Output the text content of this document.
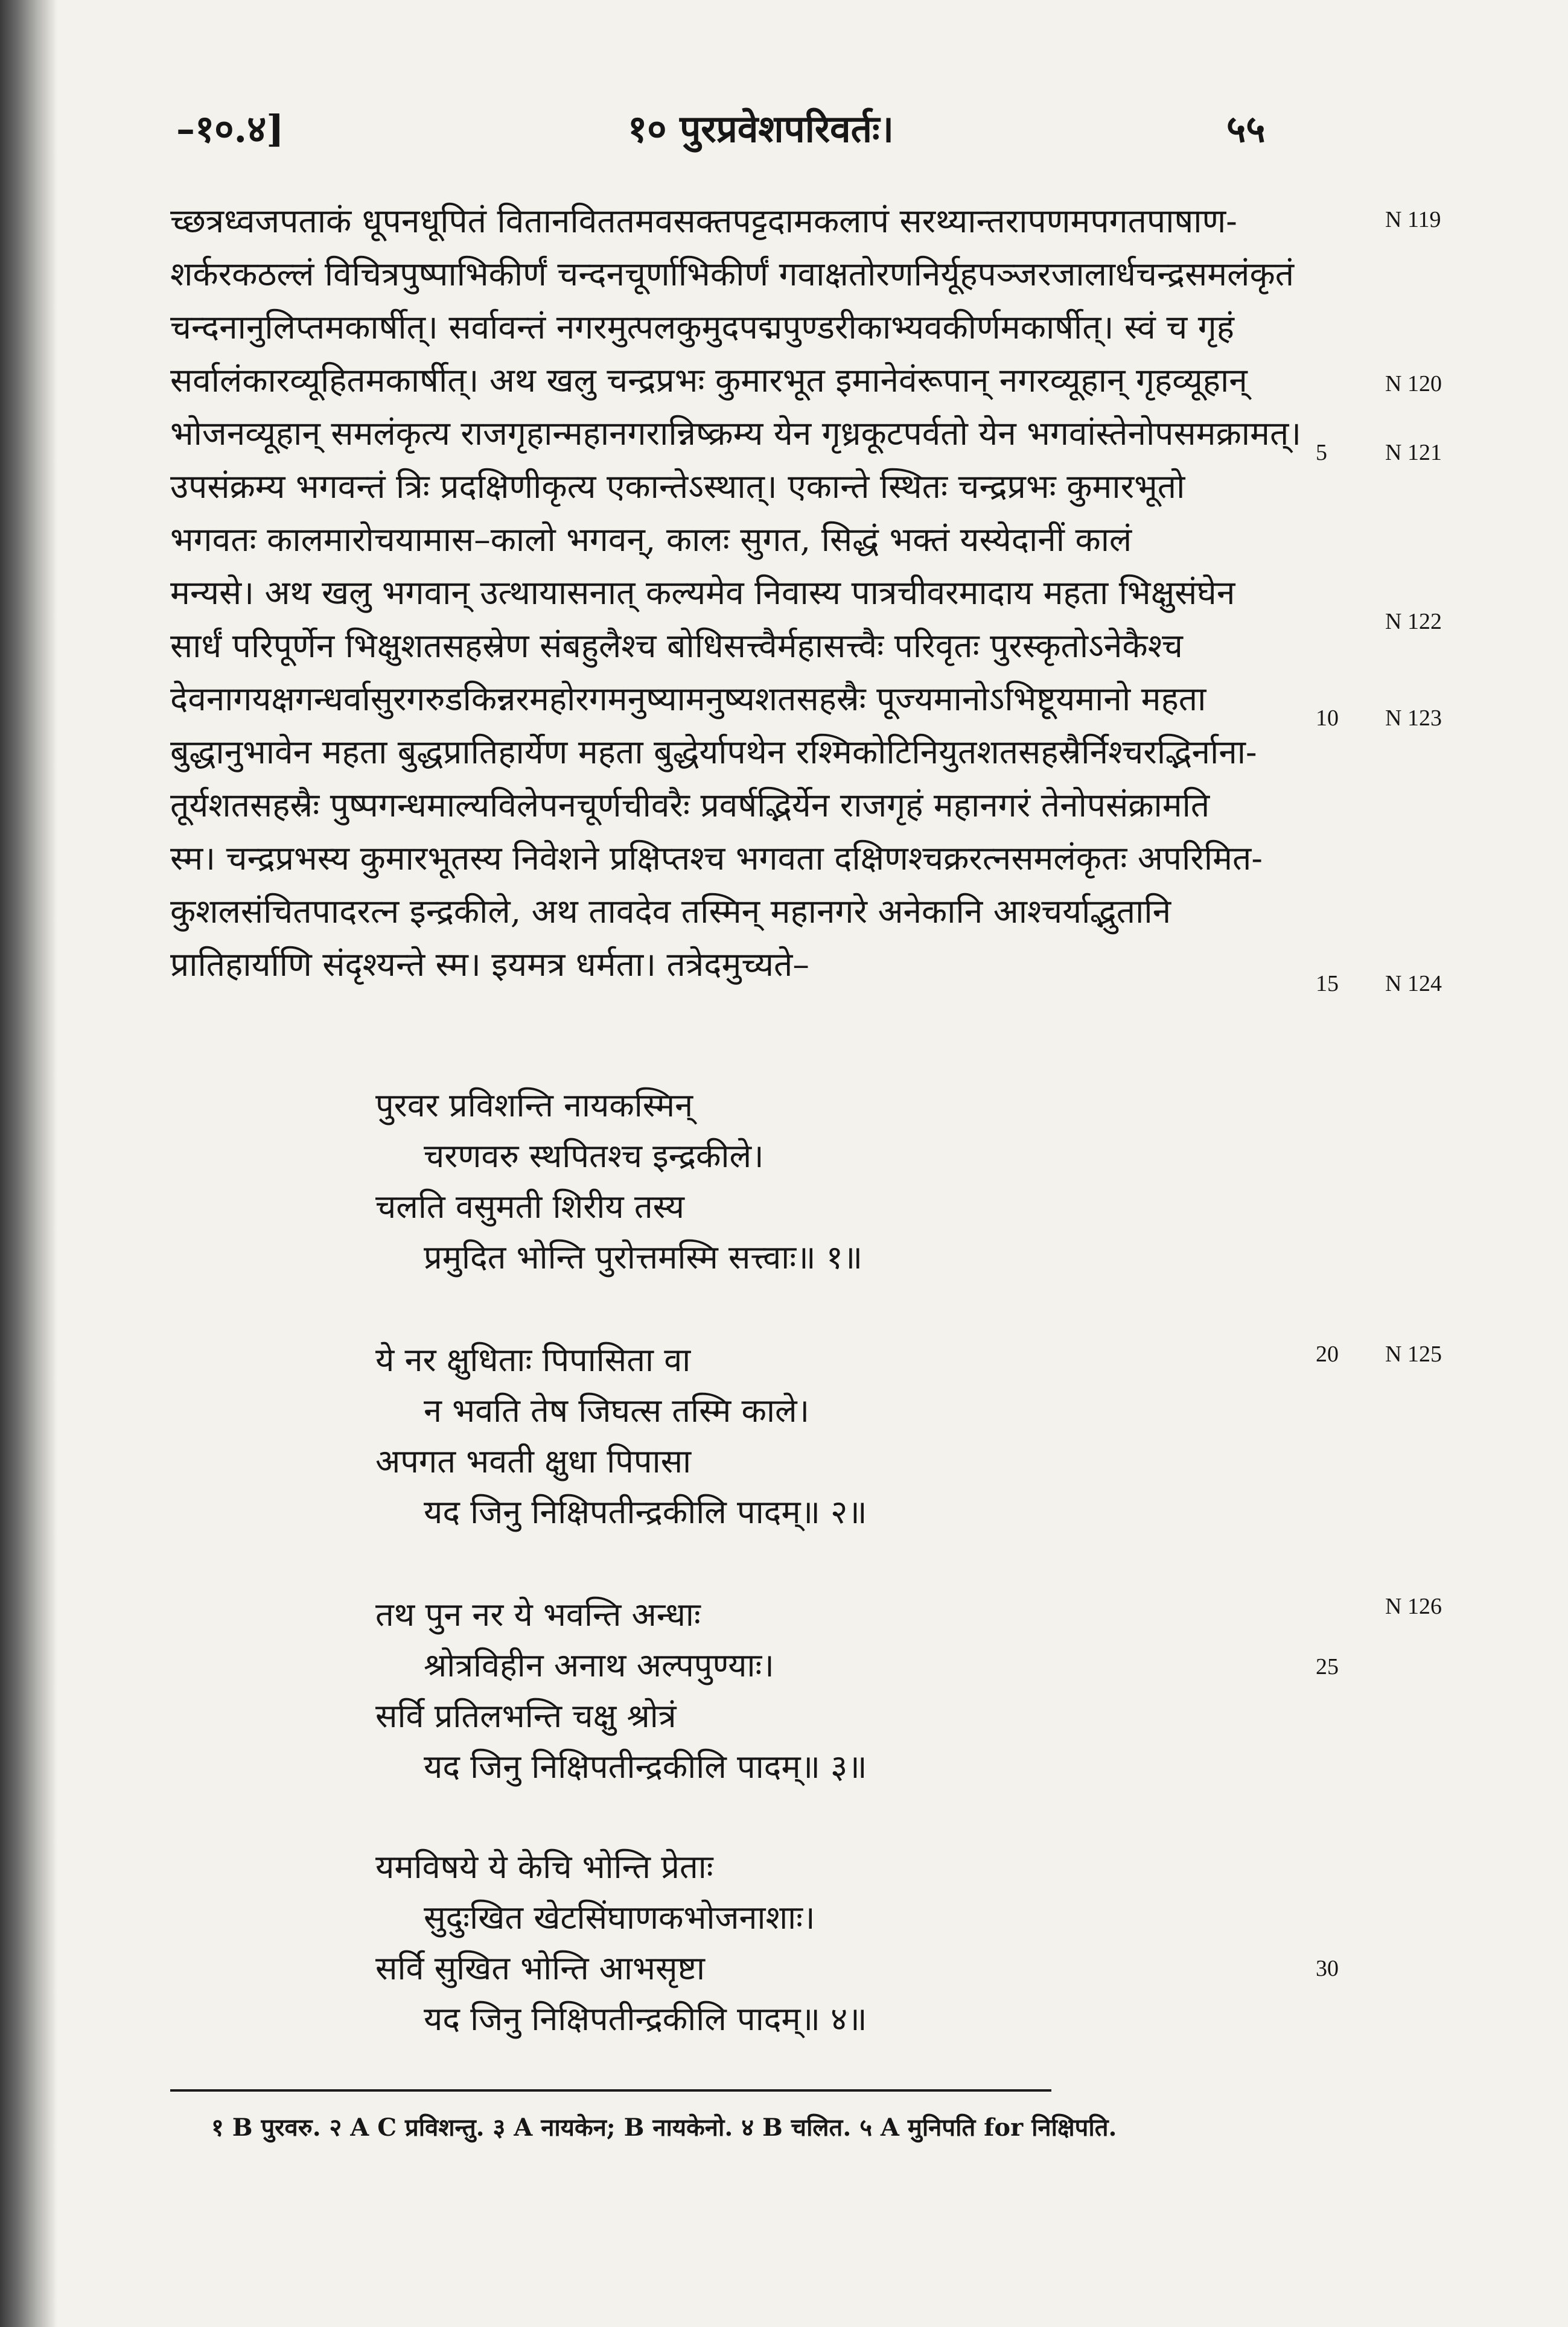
–१०.४]	१० पुरप्रवेशपरिवर्तः।	५५
च्छत्रध्वजपताकं धूपनधूपितं वितानविततमवसक्तपट्टदामकलापं सरथ्यान्तरापणमपगतपाषाण-
शर्करकठल्लं विचित्रपुष्पाभिकीर्णं चन्दनचूर्णाभिकीर्णं गवाक्षतोरणनिर्यूहपञ्जरजालार्धचन्द्रसमलंकृतं
चन्दनानुलिप्तमकार्षीत्। सर्वावन्तं नगरमुत्पलकुमुदपद्मपुण्डरीकाभ्यवकीर्णमकार्षीत्। स्वं च गृहं
सर्वालंकारव्यूहितमकार्षीत्। अथ खलु चन्द्रप्रभः कुमारभूत इमानेवंरूपान् नगरव्यूहान् गृहव्यूहान्
भोजनव्यूहान् समलंकृत्य राजगृहान्महानगरान्निष्क्रम्य येन गृध्रकूटपर्वतो येन भगवांस्तेनोपसमक्रामत्।
उपसंक्रम्य भगवन्तं त्रिः प्रदक्षिणीकृत्य एकान्तेऽस्थात्। एकान्ते स्थितः चन्द्रप्रभः कुमारभूतो
भगवतः कालमारोचयामास–कालो भगवन्, कालः सुगत, सिद्धं भक्तं यस्येदानीं कालं
मन्यसे। अथ खलु भगवान् उत्थायासनात् कल्यमेव निवास्य पात्रचीवरमादाय महता भिक्षुसंघेन
सार्धं परिपूर्णेन भिक्षुशतसहस्रेण संबहुलैश्च बोधिसत्त्वैर्महासत्त्वैः परिवृतः पुरस्कृतोऽनेकैश्च
देवनागयक्षगन्धर्वासुरगरुडकिन्नरमहोरगमनुष्यामनुष्यशतसहस्रैः पूज्यमानोऽभिष्टूयमानो महता
बुद्धानुभावेन महता बुद्धप्रातिहार्येण महता बुद्धेर्यापथेन रश्मिकोटिनियुतशतसहस्रैर्निश्चरद्भिर्नाना-
तूर्यशतसहस्रैः पुष्पगन्धमाल्यविलेपनचूर्णचीवरैः प्रवर्षद्भिर्येन राजगृहं महानगरं तेनोपसंक्रामति
स्म। चन्द्रप्रभस्य कुमारभूतस्य निवेशने प्रक्षिप्तश्च भगवता दक्षिणश्चक्ररत्नसमलंकृतः अपरिमित-
कुशलसंचितपादरत्न इन्द्रकीले, अथ तावदेव तस्मिन् महानगरे अनेकानि आश्चर्याद्भुतानि
प्रातिहार्याणि संदृश्यन्ते स्म। इयमत्र धर्मता। तत्रेदमुच्यते–
पुरवर प्रविशन्ति नायकस्मिन्
चरणवरु स्थपितश्च इन्द्रकीले।
चलति वसुमती शिरीय तस्य
प्रमुदित भोन्ति पुरोत्तमस्मि सत्त्वाः॥ १॥
ये नर क्षुधिताः पिपासिता वा
न भवति तेष जिघत्स तस्मि काले।
अपगत भवती क्षुधा पिपासा
यद जिनु निक्षिपतीन्द्रकीलि पादम्॥ २॥
तथ पुन नर ये भवन्ति अन्धाः
श्रोत्रविहीन अनाथ अल्पपुण्याः।
सर्वि प्रतिलभन्ति चक्षु श्रोत्रं
यद जिनु निक्षिपतीन्द्रकीलि पादम्॥ ३॥
यमविषये ये केचि भोन्ति प्रेताः
सुदुःखित खेटसिंघाणकभोजनाशाः।
सर्वि सुखित भोन्ति आभसृष्टा
यद जिनु निक्षिपतीन्द्रकीलि पादम्॥ ४॥
5
10
15
20
25
30
N 119
N 120
N 121
N 122
N 123
N 124
N 125
N 126
१ B पुरवरु. २ A C प्रविशन्तु. ३ A नायकेन; B नायकेनो. ४ B चलित. ५ A मुनिपति for निक्षिपति.
